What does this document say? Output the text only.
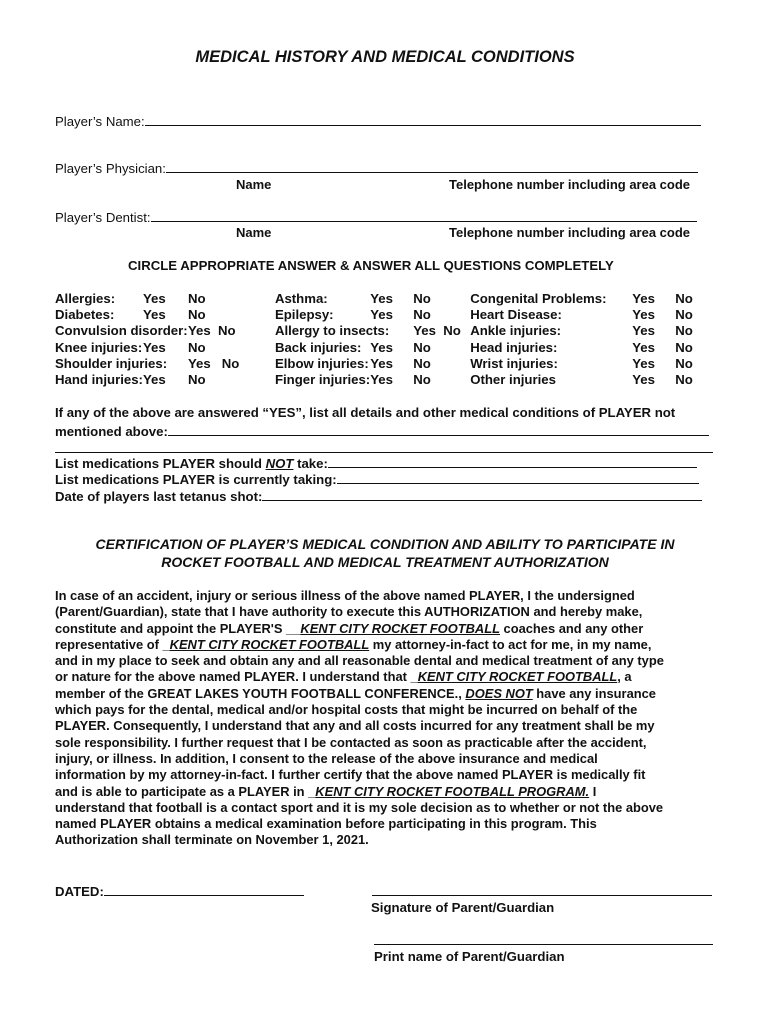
MEDICAL HISTORY AND MEDICAL CONDITIONS
Player’s Name:
Player’s Physician:
Name	Telephone number including area code
Player’s Dentist:
Name	Telephone number including area code
CIRCLE APPROPRIATE ANSWER & ANSWER ALL QUESTIONS COMPLETELY
Allergies:	Yes	No	Asthma:	Yes	No	Congenital Problems:	Yes	No
Diabetes:	Yes	No	Epilepsy:	Yes	No	Heart Disease:	Yes	No
Convulsion disorder:		Yes No	Allergy to insects:		Yes No	Ankle injuries:	Yes	No
Knee injuries:	Yes	No	Back injuries:	Yes	No	Head injuries:	Yes	No
Shoulder injuries:		Yes No	Elbow injuries:	Yes	No	Wrist injuries:	Yes	No
Hand injuries:	Yes	No	Finger injuries:	Yes	No	Other injuries	Yes	No
If any of the above are answered “YES”, list all details and other medical conditions of PLAYER not
mentioned above:
List medications PLAYER should NOT take:
List medications PLAYER is currently taking:
Date of players last tetanus shot:
CERTIFICATION OF PLAYER’S MEDICAL CONDITION AND ABILITY TO PARTICIPATE IN
ROCKET FOOTBALL AND MEDICAL TREATMENT AUTHORIZATION
In case of an accident, injury or serious illness of the above named PLAYER, I the undersigned
(Parent/Guardian), state that I have authority to execute this AUTHORIZATION and hereby make,
constitute and appoint the PLAYER'S __KENT CITY ROCKET FOOTBALL coaches and any other
representative of _KENT CITY ROCKET FOOTBALL my attorney-in-fact to act for me, in my name,
and in my place to seek and obtain any and all reasonable dental and medical treatment of any type
or nature for the above named PLAYER. I understand that _KENT CITY ROCKET FOOTBALL, a
member of the GREAT LAKES YOUTH FOOTBALL CONFERENCE., DOES NOT have any insurance
which pays for the dental, medical and/or hospital costs that might be incurred on behalf of the
PLAYER. Consequently, I understand that any and all costs incurred for any treatment shall be my
sole responsibility. I further request that I be contacted as soon as practicable after the accident,
injury, or illness. In addition, I consent to the release of the above insurance and medical
information by my attorney-in-fact. I further certify that the above named PLAYER is medically fit
and is able to participate as a PLAYER in _KENT CITY ROCKET FOOTBALL PROGRAM. I
understand that football is a contact sport and it is my sole decision as to whether or not the above
named PLAYER obtains a medical examination before participating in this program. This
Authorization shall terminate on November 1, 2021.
DATED:
Signature of Parent/Guardian
Print name of Parent/Guardian
